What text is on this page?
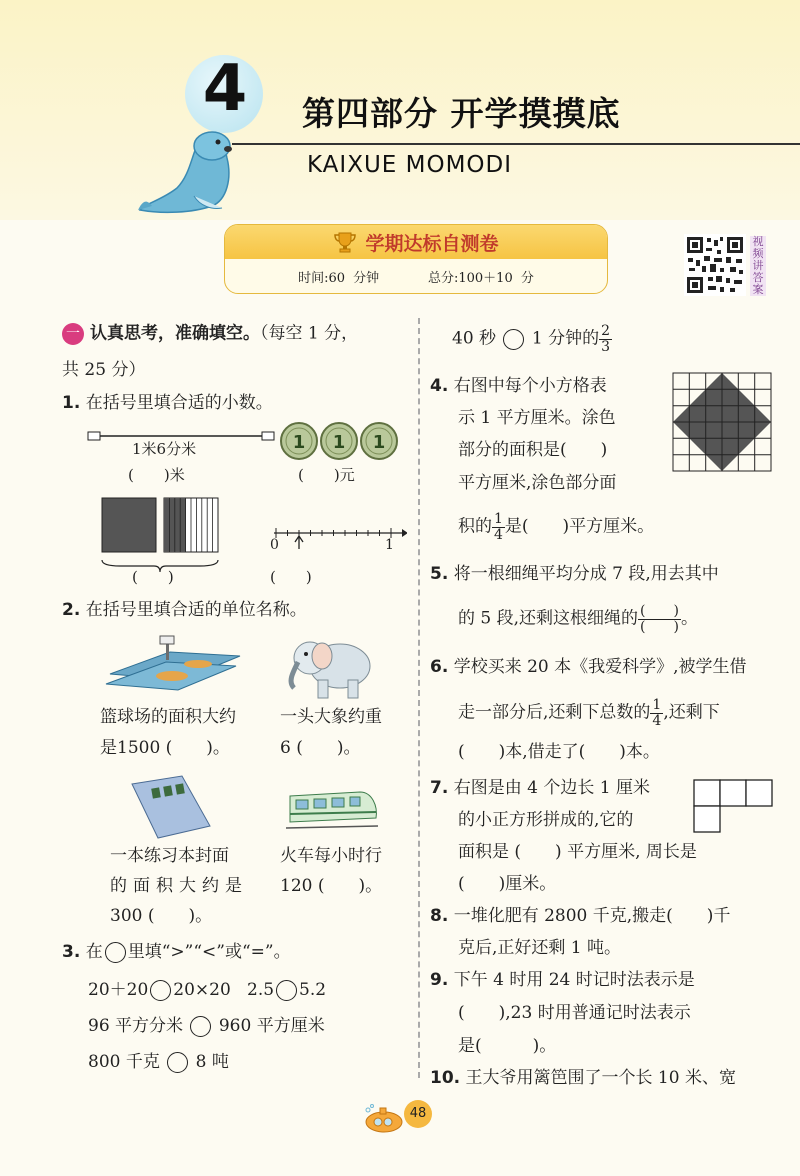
4 第四部分 开学摸摸底
KAIXUE MOMODI
学期达标自测卷
时间:60 分钟	总分:100＋10 分
视频讲答案
一 认真思考，准确填空。（每空 1 分，
共 25 分）
1. 在括号里填合适的小数。
1米6分米
(　　)米
1 1 1
(　　)元
(　　)
0	1
(　　)
2. 在括号里填合适的单位名称。
篮球场的面积大约
是1500 (　　)。
一头大象约重
6 (　　)。
一本练习本封面
的面积大约是
300 (　　)。
火车每小时行
120 (　　)。
3. 在 里填“>”“<”或“=”。
20＋20 20×20 2.5 5.2
96 平方分米 960 平方厘米
800 千克 8 吨
40 秒 1 分钟的 $\frac{2}{3}$
4. 右图中每个小方格表
示 1 平方厘米。涂色
部分的面积是(　　)
平方厘米,涂色部分面
积的 $\frac{1}{4}$ 是(　　)平方厘米。
5. 将一根细绳平均分成 7 段,用去其中
的 5 段,还剩这根细绳的 $\frac{( )}{( )}$ 。
6. 学校买来 20 本《我爱科学》,被学生借
走一部分后,还剩下总数的 $\frac{1}{4}$ ,还剩下
(　　)本,借走了(　　)本。
7. 右图是由 4 个边长 1 厘米
的小正方形拼成的,它的
面积是 (　　) 平方厘米, 周长是
(　　)厘米。
8. 一堆化肥有 2800 千克,搬走(　　)千
克后,正好还剩 1 吨。
9. 下午 4 时用 24 时记时法表示是
(　　),23 时用普通记时法表示
是(　　　)。
10. 王大爷用篱笆围了一个长 10 米、宽
48
